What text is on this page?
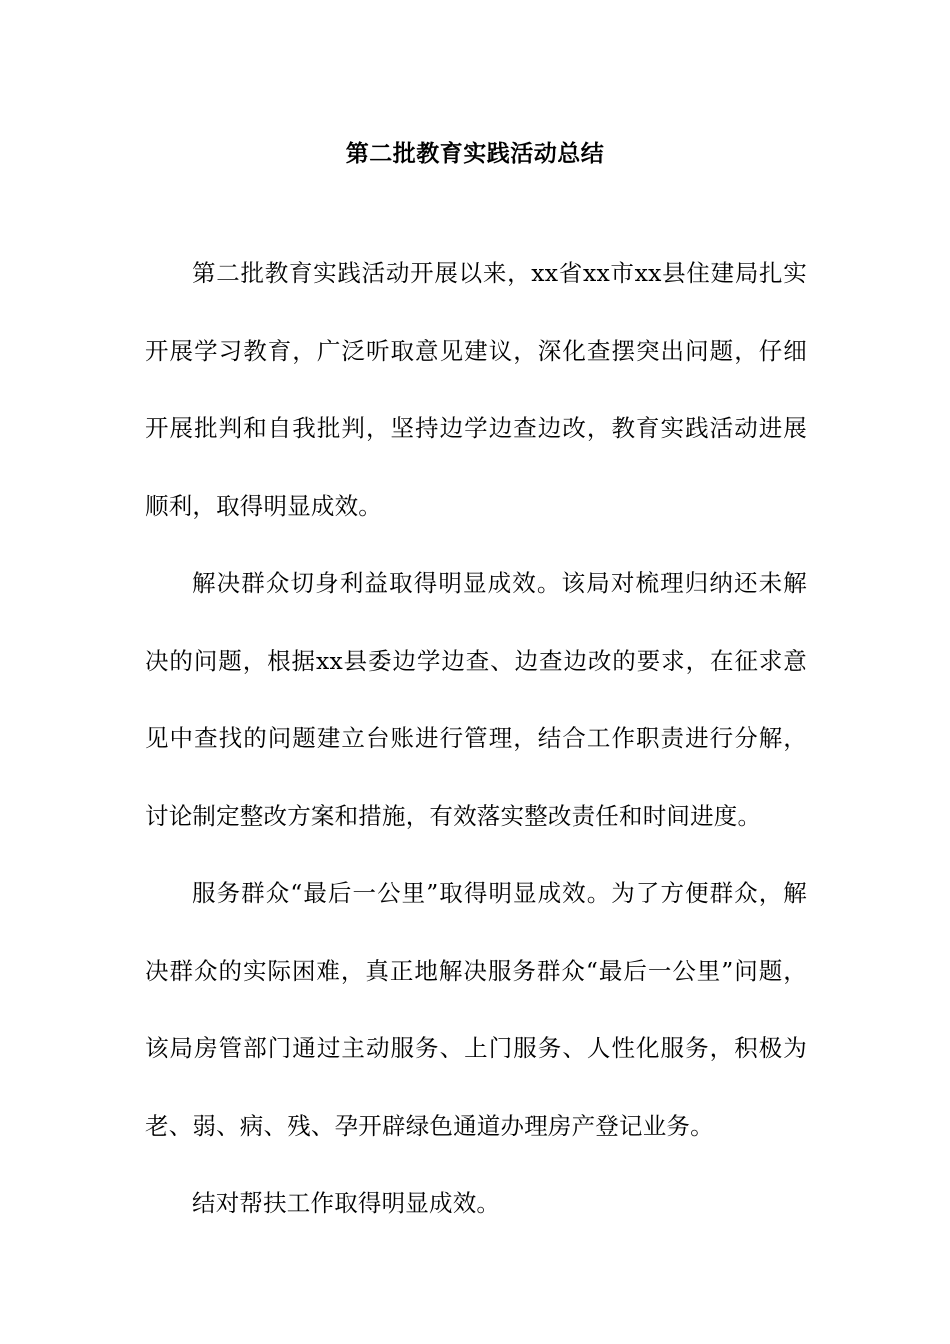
第二批教育实践活动总结

第二批教育实践活动开展以来，xx省xx市xx县住建局扎实开展学习教育，广泛听取意见建议，深化查摆突出问题，仔细开展批判和自我批判，坚持边学边查边改，教育实践活动进展顺利，取得明显成效。

解决群众切身利益取得明显成效。该局对梳理归纳还未解决的问题，根据xx县委边学边查、边查边改的要求，在征求意见中查找的问题建立台账进行管理，结合工作职责进行分解，讨论制定整改方案和措施，有效落实整改责任和时间进度。

服务群众“最后一公里”取得明显成效。为了方便群众，解决群众的实际困难，真正地解决服务群众“最后一公里”问题，该局房管部门通过主动服务、上门服务、人性化服务，积极为老、弱、病、残、孕开辟绿色通道办理房产登记业务。

结对帮扶工作取得明显成效。
